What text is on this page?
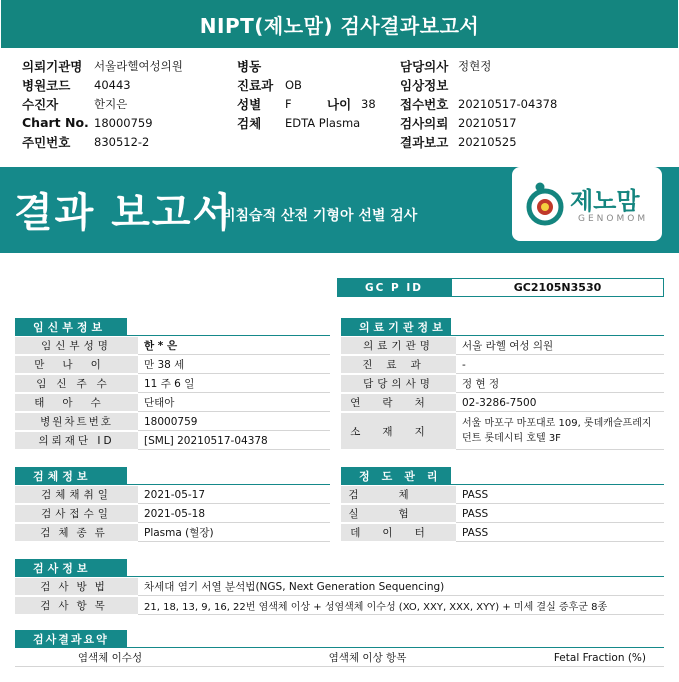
NIPT(제노맘) 검사결과보고서
의뢰기관명	서울라헬여성의원
병원코드	40443
수진자	한지은
Chart No. 18000759
주민번호	830512-2
병동
진료과	OB
성별	F	나이 38
검체	EDTA Plasma
담당의사 정현정
임상정보
접수번호 20210517-04378
검사의뢰 20210517
결과보고 20210525
결과 보고서
비침습적 산전 기형아 선별 검사
제노맘
GENOMOM
GC P ID	GC2105N3530
임신부정보
임신부성명	한 * 은
만나이	만 38 세
임신주수	11 주 6 일
태아수	단태아
병원차트번호	18000759
의뢰재단 ID	[SML] 20210517-04378
의료기관정보
의료기관명	서울 라헬 여성 의원
진료과	-
담당의사명	정 현 정
연락처	02-3286-7500
소재지
서울 마포구 마포대로 109, 롯데캐슬프레지
던트 롯데시티 호텔 3F
검체정보
검체채취일	2021-05-17
검사접수일	2021-05-18
검체종류	Plasma (혈장)
정도관리
검체	PASS
실험	PASS
데이터	PASS
검사정보
검사방법	차세대 염기 서열 분석법(NGS, Next Generation Sequencing)
검사항목	21, 18, 13, 9, 16, 22번 염색체 이상 + 성염색체 이수성 (XO, XXY, XXX, XYY) + 미세 결실 증후군 8종
검사결과요약
염색체 이수성	염색체 이상 항목	Fetal Fraction (%)
